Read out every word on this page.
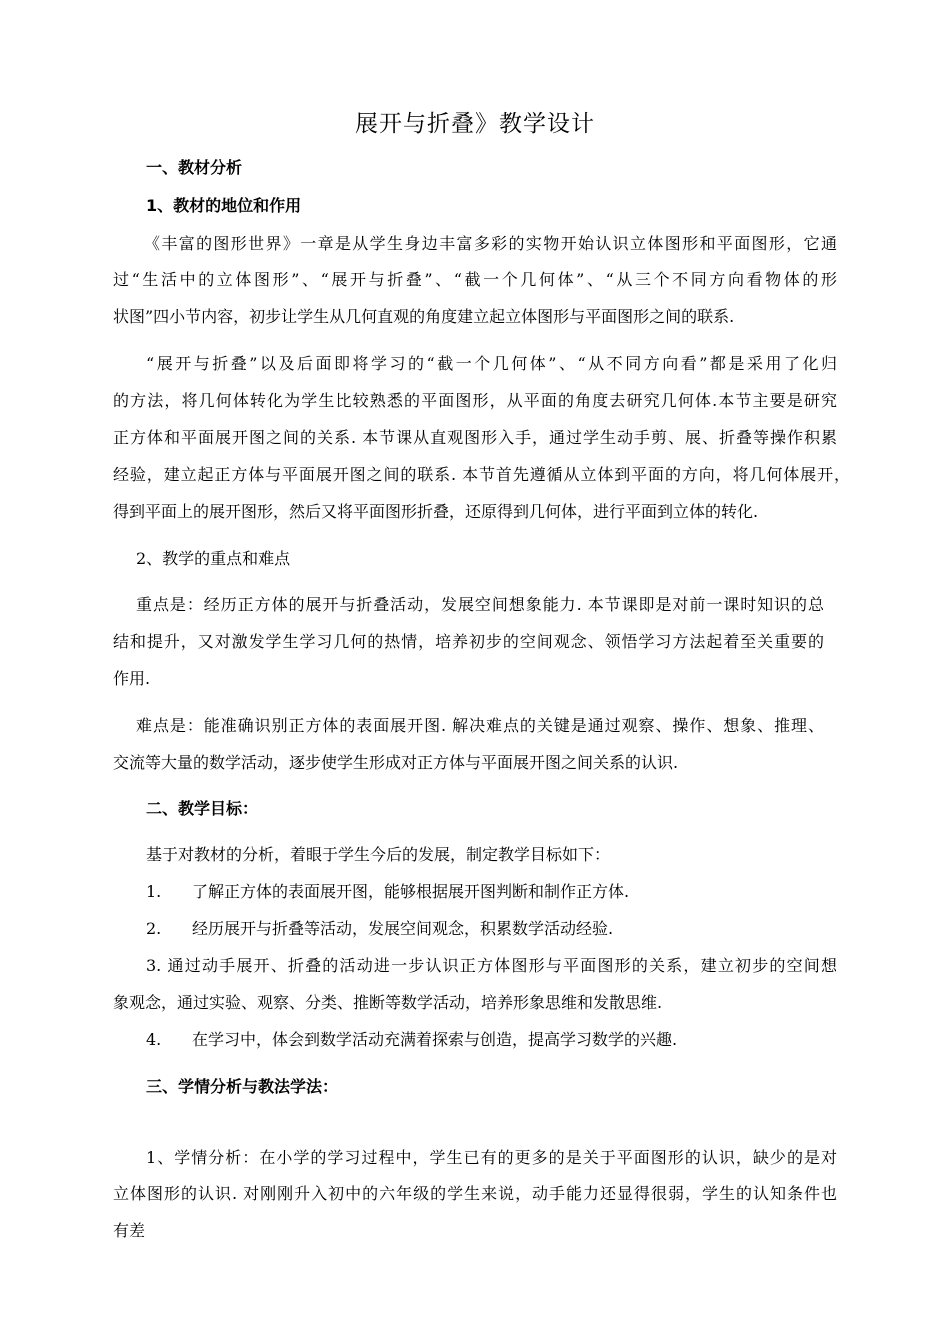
展开与折叠》教学设计
一、教材分析
1、教材的地位和作用
《丰富的图形世界》一章是从学生身边丰富多彩的实物开始认识立体图形和平面图形，它通
过“生活中的立体图形”、“展开与折叠”、“截一个几何体”、“从三个不同方向看物体的形
状图”四小节内容，初步让学生从几何直观的角度建立起立体图形与平面图形之间的联系.
“展开与折叠”以及后面即将学习的“截一个几何体”、“从不同方向看”都是采用了化归
的方法，将几何体转化为学生比较熟悉的平面图形，从平面的角度去研究几何体.本节主要是研究
正方体和平面展开图之间的关系. 本节课从直观图形入手，通过学生动手剪、展、折叠等操作积累
经验，建立起正方体与平面展开图之间的联系. 本节首先遵循从立体到平面的方向，将几何体展开，
得到平面上的展开图形，然后又将平面图形折叠，还原得到几何体，进行平面到立体的转化.
2、教学的重点和难点
重点是：经历正方体的展开与折叠活动，发展空间想象能力. 本节课即是对前一课时知识的总
结和提升，又对激发学生学习几何的热情，培养初步的空间观念、领悟学习方法起着至关重要的
作用.
难点是：能准确识别正方体的表面展开图. 解决难点的关键是通过观察、操作、想象、推理、
交流等大量的数学活动，逐步使学生形成对正方体与平面展开图之间关系的认识.
二、教学目标：
基于对教材的分析，着眼于学生今后的发展，制定教学目标如下：
1. 了解正方体的表面展开图，能够根据展开图判断和制作正方体.
2. 经历展开与折叠等活动，发展空间观念，积累数学活动经验.
3. 通过动手展开、折叠的活动进一步认识正方体图形与平面图形的关系，建立初步的空间想
象观念，通过实验、观察、分类、推断等数学活动，培养形象思维和发散思维.
4. 在学习中，体会到数学活动充满着探索与创造，提高学习数学的兴趣.
三、学情分析与教法学法：
1、学情分析：在小学的学习过程中，学生已有的更多的是关于平面图形的认识，缺少的是对
立体图形的认识. 对刚刚升入初中的六年级的学生来说，动手能力还显得很弱，学生的认知条件也
有差
